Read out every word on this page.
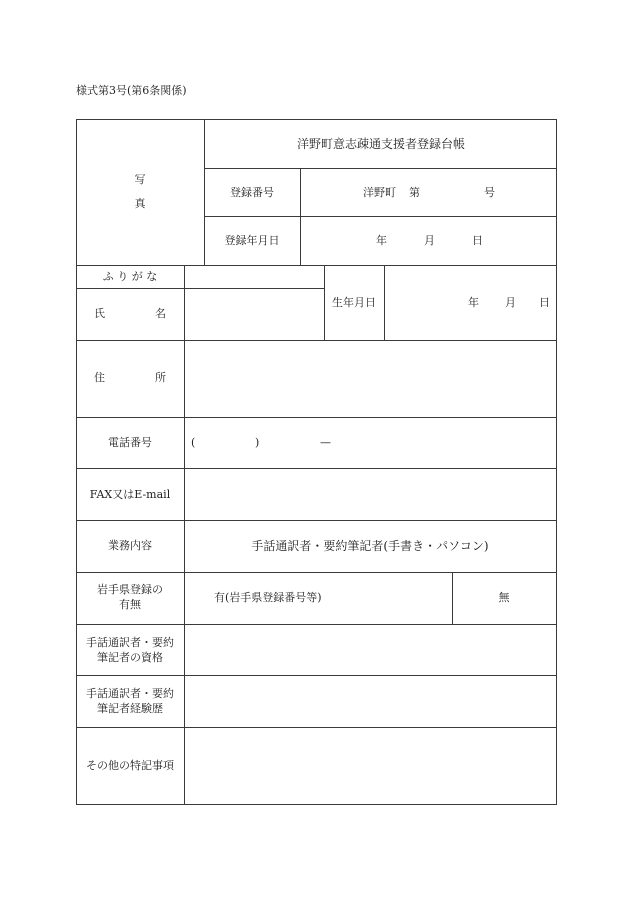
様式第3号(第6条関係)
写
真
洋野町意志疎通支援者登録台帳
登録番号	洋野町 第	号
登録年月日	年	月	日
ふ り が な
氏	名
生年月日	年 月 日
住	所
電話番号	(	)	—
FAX又はE-mail
業務内容	手話通訳者・要約筆記者(手書き・パソコン)
岩手県登録の
有無
有(岩手県登録番号等)	無
手話通訳者・要約
筆記者の資格
手話通訳者・要約
筆記者経験歴
その他の特記事項
